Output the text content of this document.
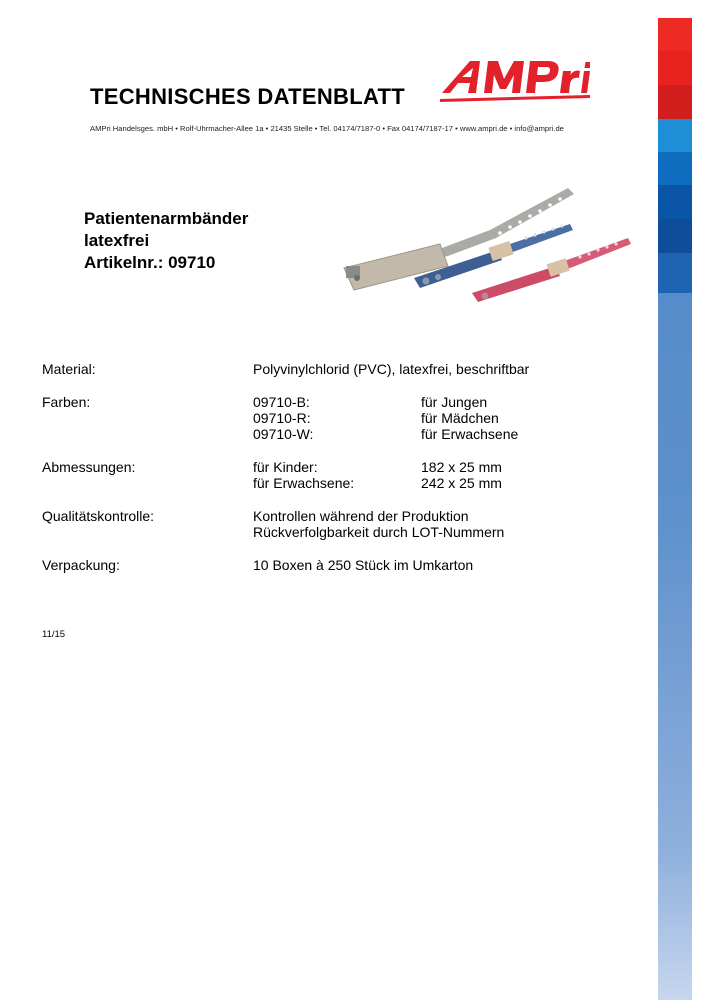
TECHNISCHES DATENBLATT
AMPri Handelsges. mbH • Rolf-Uhrmacher-Allee 1a • 21435 Stelle • Tel. 04174/7187-0 • Fax 04174/7187-17 • www.ampri.de • info@ampri.de
Patientenarmbänder
latexfrei
Artikelnr.: 09710
Material:	Polyvinylchlorid (PVC), latexfrei, beschriftbar
Farben:	09710-B:	für Jungen
09710-R:	für Mädchen
09710-W:	für Erwachsene
Abmessungen:	für Kinder:	182 x 25 mm
für Erwachsene:	242 x 25 mm
Qualitätskontrolle:	Kontrollen während der Produktion
Rückverfolgbarkeit durch LOT-Nummern
Verpackung:	10 Boxen à 250 Stück im Umkarton
11/15
